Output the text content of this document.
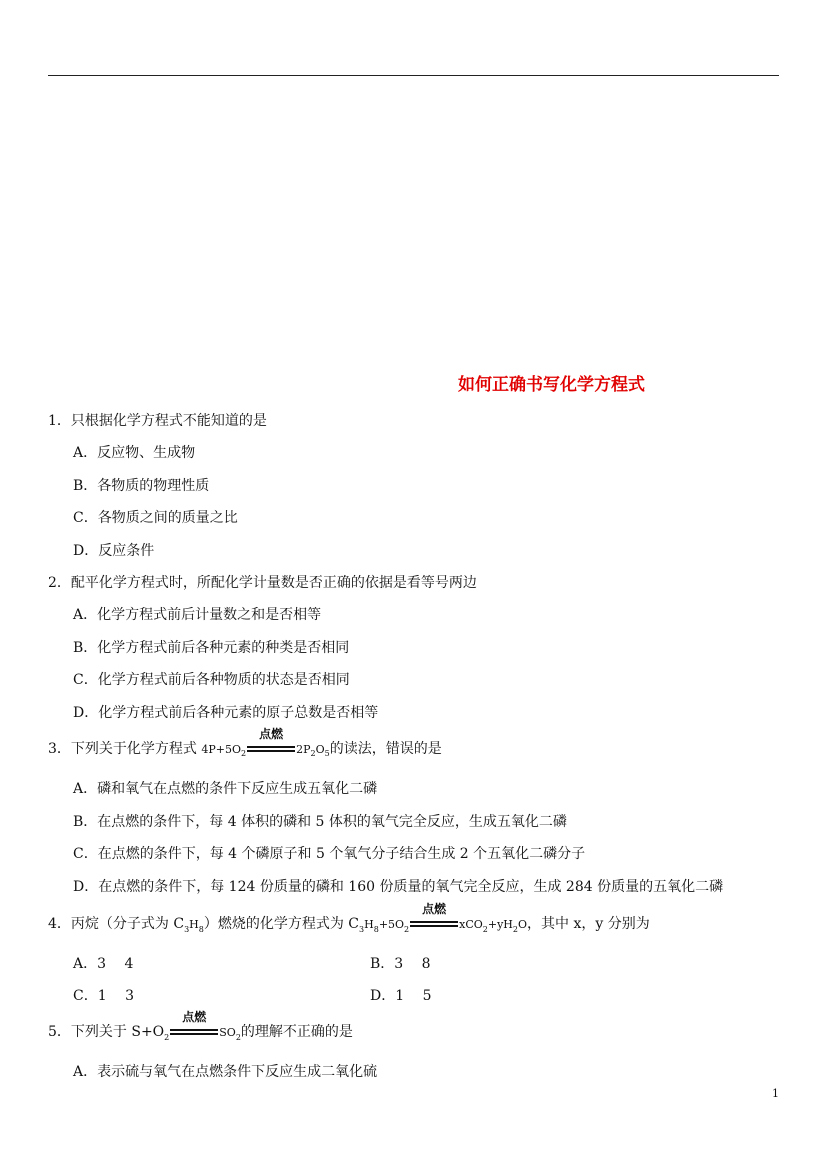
如何正确书写化学方程式
1．只根据化学方程式不能知道的是
A．反应物、生成物
B．各物质的物理性质
C．各物质之间的质量之比
D．反应条件
2．配平化学方程式时，所配化学计量数是否正确的依据是看等号两边
A．化学方程式前后计量数之和是否相等
B．化学方程式前后各种元素的种类是否相同
C．化学方程式前后各种物质的状态是否相同
D．化学方程式前后各种元素的原子总数是否相等
3．下列关于化学方程式 $4P+5O_2$
点燃
$2P_2O_5$的读法，错误的是
A．磷和氧气在点燃的条件下反应生成五氧化二磷
B．在点燃的条件下，每 4 体积的磷和 5 体积的氧气完全反应，生成五氧化二磷
C．在点燃的条件下，每 4 个磷原子和 5 个氧气分子结合生成 2 个五氧化二磷分子
D．在点燃的条件下，每 124 份质量的磷和 160 份质量的氧气完全反应，生成 284 份质量的五氧化二磷
4．丙烷（分子式为 $C_3H_8$）燃烧的化学方程式为 $C_3H_8+5O_2$
点燃
$xCO_2+yH_2O$，其中 x，y 分别为
A．3　 4	B．3　 8
C．1　 3	D．1　 5
5．下列关于 $S+O_2$
点燃
$SO_2$的理解不正确的是
A．表示硫与氧气在点燃条件下反应生成二氧化硫
1
